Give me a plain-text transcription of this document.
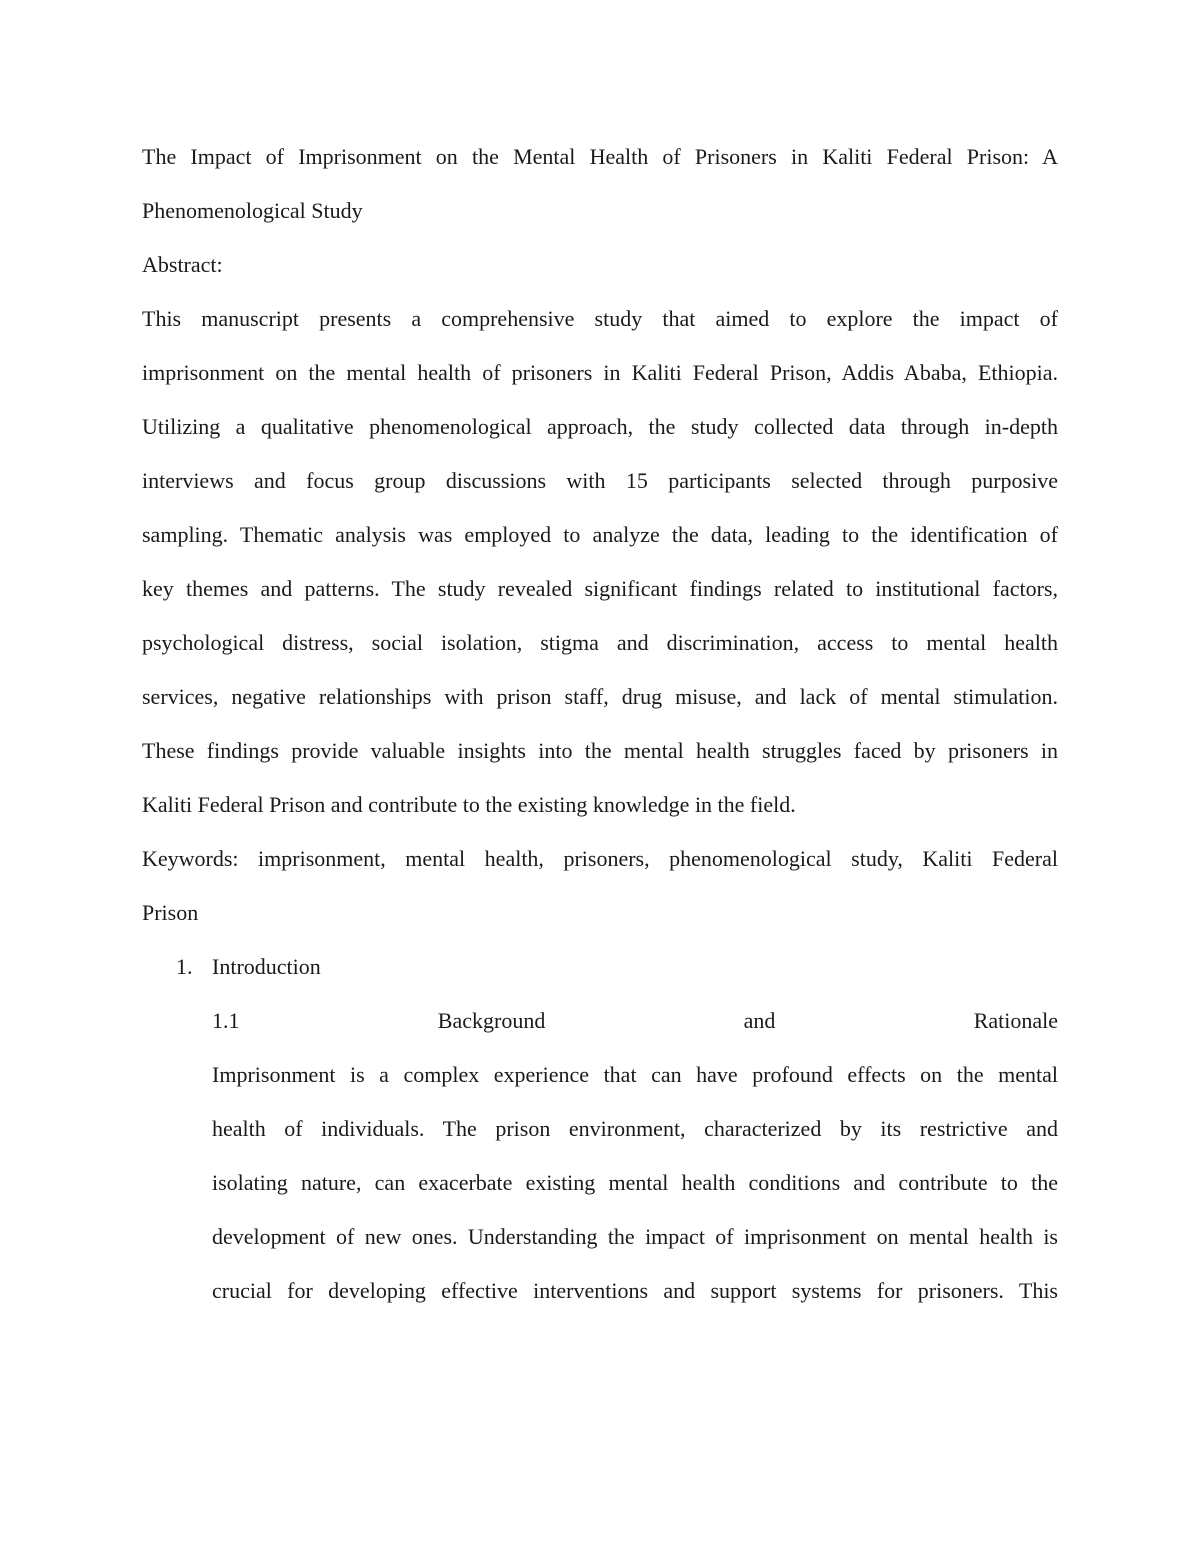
The Impact of Imprisonment on the Mental Health of Prisoners in Kaliti Federal Prison: A
Phenomenological Study
Abstract:
This manuscript presents a comprehensive study that aimed to explore the impact of
imprisonment on the mental health of prisoners in Kaliti Federal Prison, Addis Ababa, Ethiopia.
Utilizing a qualitative phenomenological approach, the study collected data through in-depth
interviews and focus group discussions with 15 participants selected through purposive
sampling. Thematic analysis was employed to analyze the data, leading to the identification of
key themes and patterns. The study revealed significant findings related to institutional factors,
psychological distress, social isolation, stigma and discrimination, access to mental health
services, negative relationships with prison staff, drug misuse, and lack of mental stimulation.
These findings provide valuable insights into the mental health struggles faced by prisoners in
Kaliti Federal Prison and contribute to the existing knowledge in the field.
Keywords: imprisonment, mental health, prisoners, phenomenological study, Kaliti Federal
Prison
1. Introduction
1.1	Background	and	Rationale
Imprisonment is a complex experience that can have profound effects on the mental
health of individuals. The prison environment, characterized by its restrictive and
isolating nature, can exacerbate existing mental health conditions and contribute to the
development of new ones. Understanding the impact of imprisonment on mental health is
crucial for developing effective interventions and support systems for prisoners. This
